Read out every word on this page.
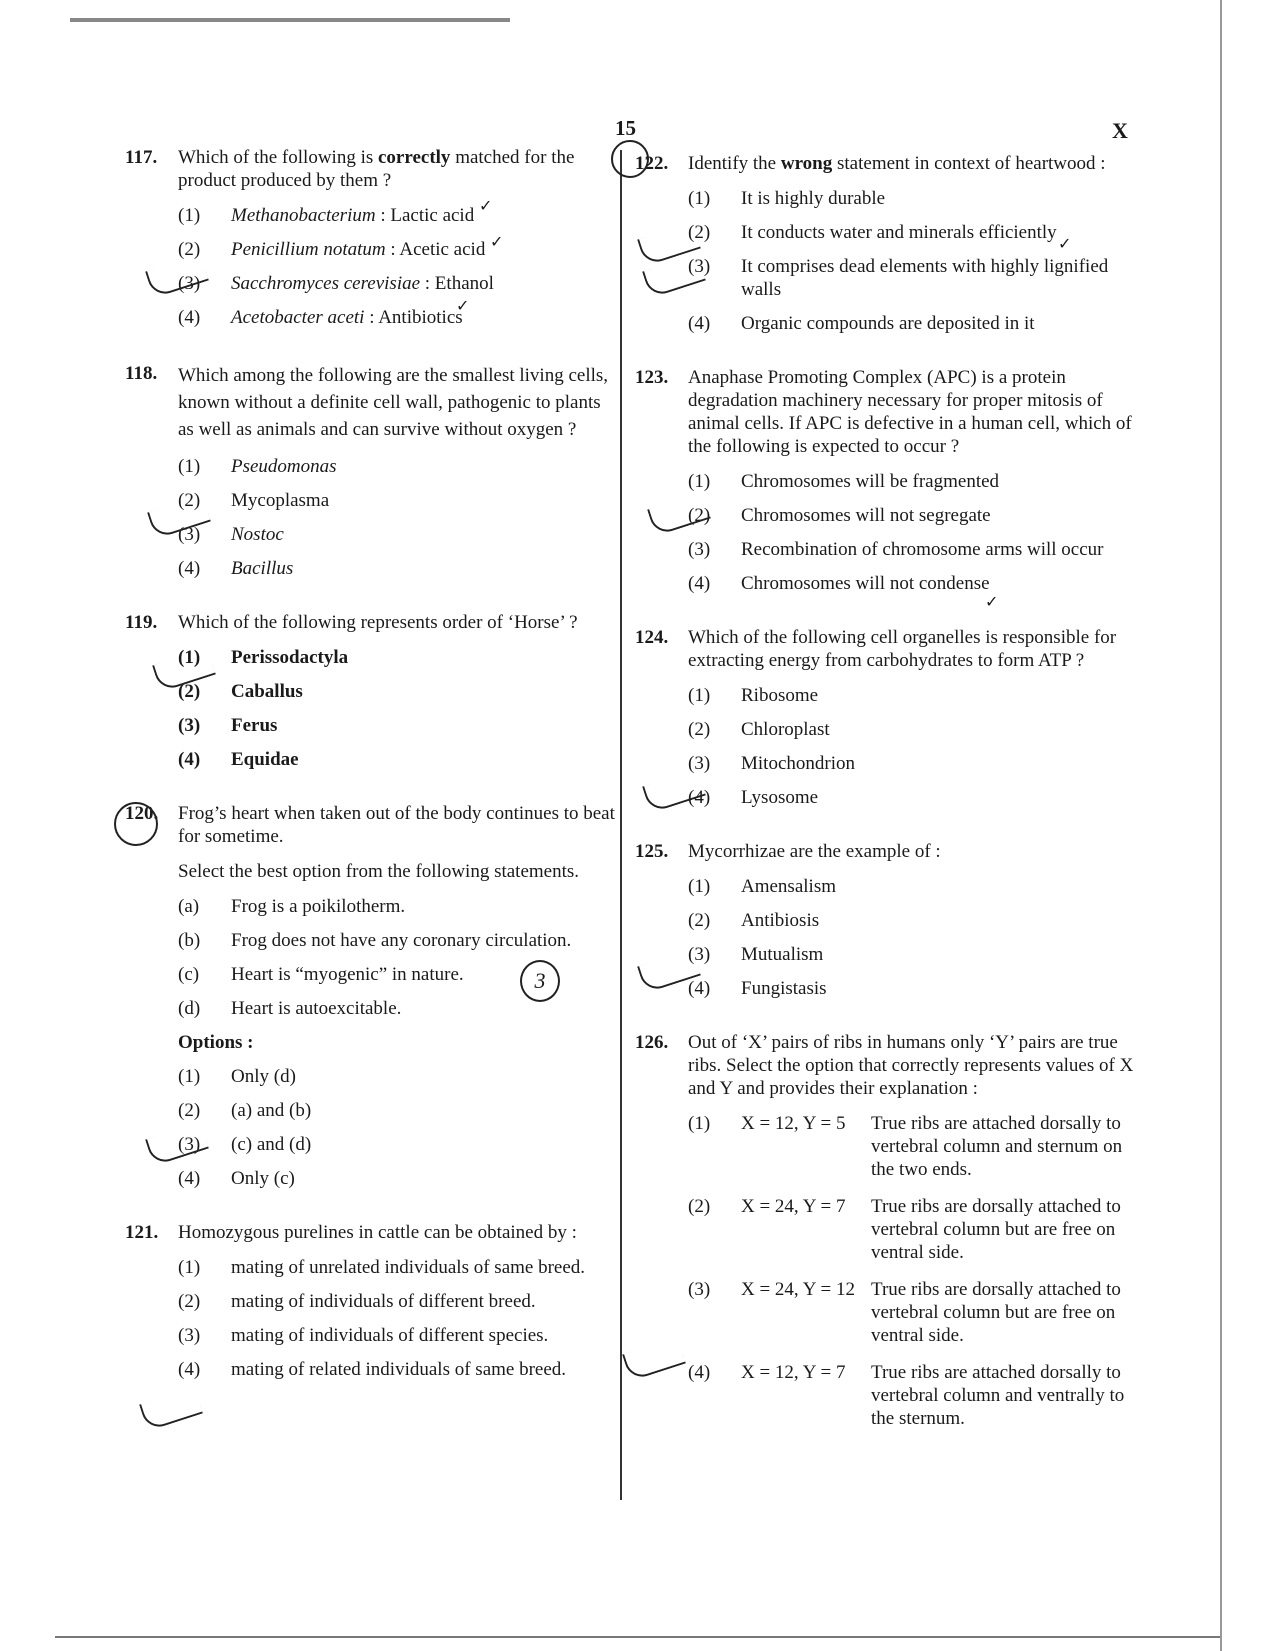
15	X
117.	Which of the following is correctly matched for the product produced by them ?
(1)	Methanobacterium : Lactic acid
(2)	Penicillium notatum : Acetic acid
(3)	Sacchromyces cerevisiae : Ethanol
(4)	Acetobacter aceti : Antibiotics
118.	Which among the following are the smallest living cells, known without a definite cell wall, pathogenic to plants as well as animals and can survive without oxygen ?
(1)	Pseudomonas
(2)	Mycoplasma
(3)	Nostoc
(4)	Bacillus
119.	Which of the following represents order of ‘Horse’ ?
(1)	Perissodactyla
(2)	Caballus
(3)	Ferus
(4)	Equidae
120.	Frog’s heart when taken out of the body continues to beat for sometime.
Select the best option from the following statements.
(a)	Frog is a poikilotherm.
(b)	Frog does not have any coronary circulation.
(c)	Heart is “myogenic” in nature.
(d)	Heart is autoexcitable.
Options :
(1)	Only (d)
(2)	(a) and (b)
(3)	(c) and (d)
(4)	Only (c)
121.	Homozygous purelines in cattle can be obtained by :
(1)	mating of unrelated individuals of same breed.
(2)	mating of individuals of different breed.
(3)	mating of individuals of different species.
(4)	mating of related individuals of same breed.
122.	Identify the wrong statement in context of heartwood :
(1)	It is highly durable
(2)	It conducts water and minerals efficiently
(3)	It comprises dead elements with highly lignified walls
(4)	Organic compounds are deposited in it
123.	Anaphase Promoting Complex (APC) is a protein degradation machinery necessary for proper mitosis of animal cells. If APC is defective in a human cell, which of the following is expected to occur ?
(1)	Chromosomes will be fragmented
(2)	Chromosomes will not segregate
(3)	Recombination of chromosome arms will occur
(4)	Chromosomes will not condense
124.	Which of the following cell organelles is responsible for extracting energy from carbohydrates to form ATP ?
(1)	Ribosome
(2)	Chloroplast
(3)	Mitochondrion
(4)	Lysosome
125.	Mycorrhizae are the example of :
(1)	Amensalism
(2)	Antibiosis
(3)	Mutualism
(4)	Fungistasis
126.	Out of ‘X’ pairs of ribs in humans only ‘Y’ pairs are true ribs. Select the option that correctly represents values of X and Y and provides their explanation :
(1)	X = 12, Y = 5	True ribs are attached dorsally to vertebral column and sternum on the two ends.
(2)	X = 24, Y = 7	True ribs are dorsally attached to vertebral column but are free on ventral side.
(3)	X = 24, Y = 12 True ribs are dorsally attached to vertebral column but are free on ventral side.
(4)	X = 12, Y = 7	True ribs are attached dorsally to vertebral column and ventrally to the sternum.
3
✓
✓
✓
✓
✓
